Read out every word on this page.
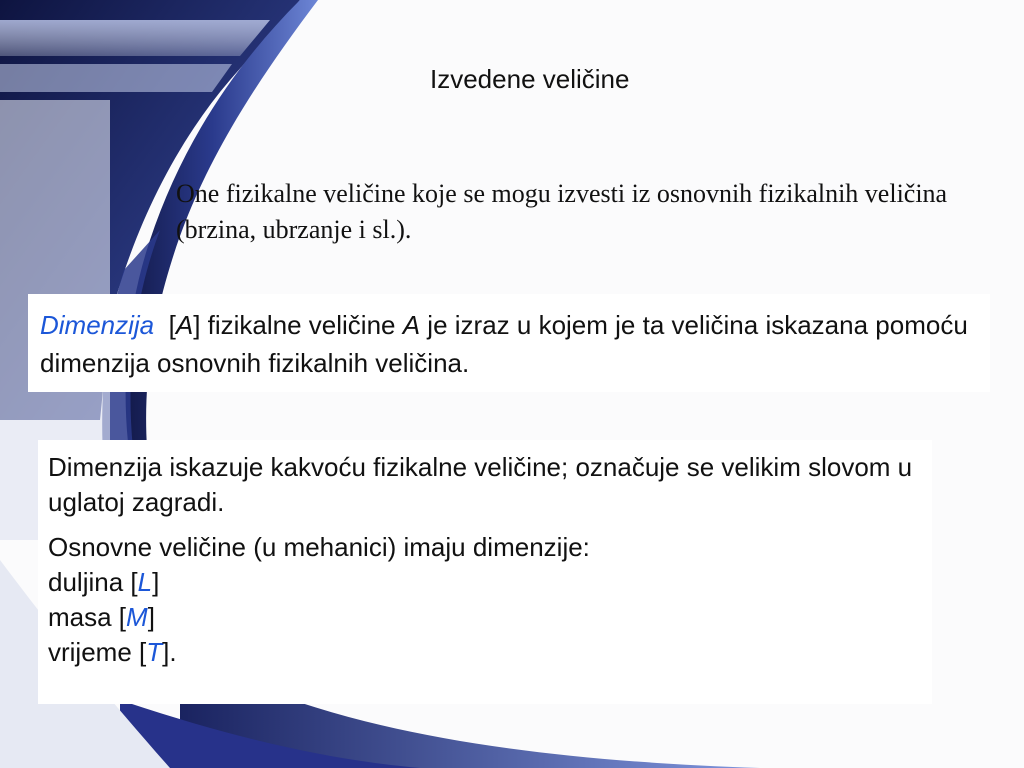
Izvedene veličine
One fizikalne veličine koje se mogu izvesti iz osnovnih fizikalnih veličina (brzina, ubrzanje i sl.).
Dimenzija [A] fizikalne veličine A je izraz u kojem je ta veličina iskazana pomoću dimenzija osnovnih fizikalnih veličina.
Dimenzija iskazuje kakvoću fizikalne veličine; označuje se velikim slovom u uglatoj zagradi.
Osnovne veličine (u mehanici) imaju dimenzije:
duljina [L]
masa [M]
vrijeme [T].
